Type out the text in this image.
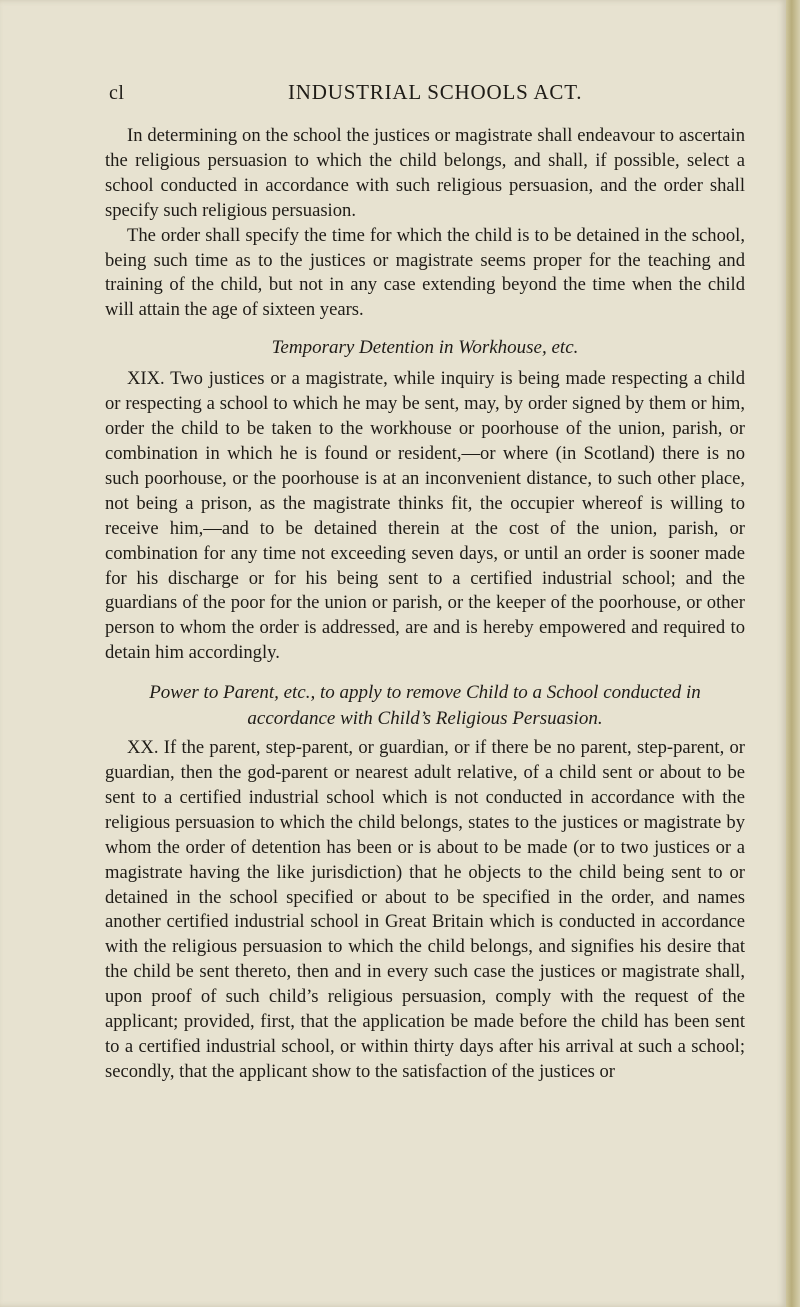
cl	INDUSTRIAL SCHOOLS ACT.

In determining on the school the justices or magistrate shall endeavour to ascertain the religious persuasion to which the child belongs, and shall, if possible, select a school conducted in accordance with such religious persuasion, and the order shall specify such religious persuasion.

The order shall specify the time for which the child is to be detained in the school, being such time as to the justices or magistrate seems proper for the teaching and training of the child, but not in any case extending beyond the time when the child will attain the age of sixteen years.

Temporary Detention in Workhouse, etc.

XIX. Two justices or a magistrate, while inquiry is being made respecting a child or respecting a school to which he may be sent, may, by order signed by them or him, order the child to be taken to the workhouse or poorhouse of the union, parish, or combination in which he is found or resident,—or where (in Scotland) there is no such poorhouse, or the poorhouse is at an inconvenient distance, to such other place, not being a prison, as the magistrate thinks fit, the occupier whereof is willing to receive him,—and to be detained therein at the cost of the union, parish, or combination for any time not exceeding seven days, or until an order is sooner made for his discharge or for his being sent to a certified industrial school; and the guardians of the poor for the union or parish, or the keeper of the poorhouse, or other person to whom the order is addressed, are and is hereby empowered and required to detain him accordingly.

Power to Parent, etc., to apply to remove Child to a School conducted in accordance with Child’s Religious Persuasion.

XX. If the parent, step-parent, or guardian, or if there be no parent, step-parent, or guardian, then the god-parent or nearest adult relative, of a child sent or about to be sent to a certified industrial school which is not conducted in accordance with the religious persuasion to which the child belongs, states to the justices or magistrate by whom the order of detention has been or is about to be made (or to two justices or a magistrate having the like jurisdiction) that he objects to the child being sent to or detained in the school specified or about to be specified in the order, and names another certified industrial school in Great Britain which is conducted in accordance with the religious persuasion to which the child belongs, and signifies his desire that the child be sent thereto, then and in every such case the justices or magistrate shall, upon proof of such child’s religious persuasion, comply with the request of the applicant; provided, first, that the application be made before the child has been sent to a certified industrial school, or within thirty days after his arrival at such a school; secondly, that the applicant show to the satisfaction of the justices or
